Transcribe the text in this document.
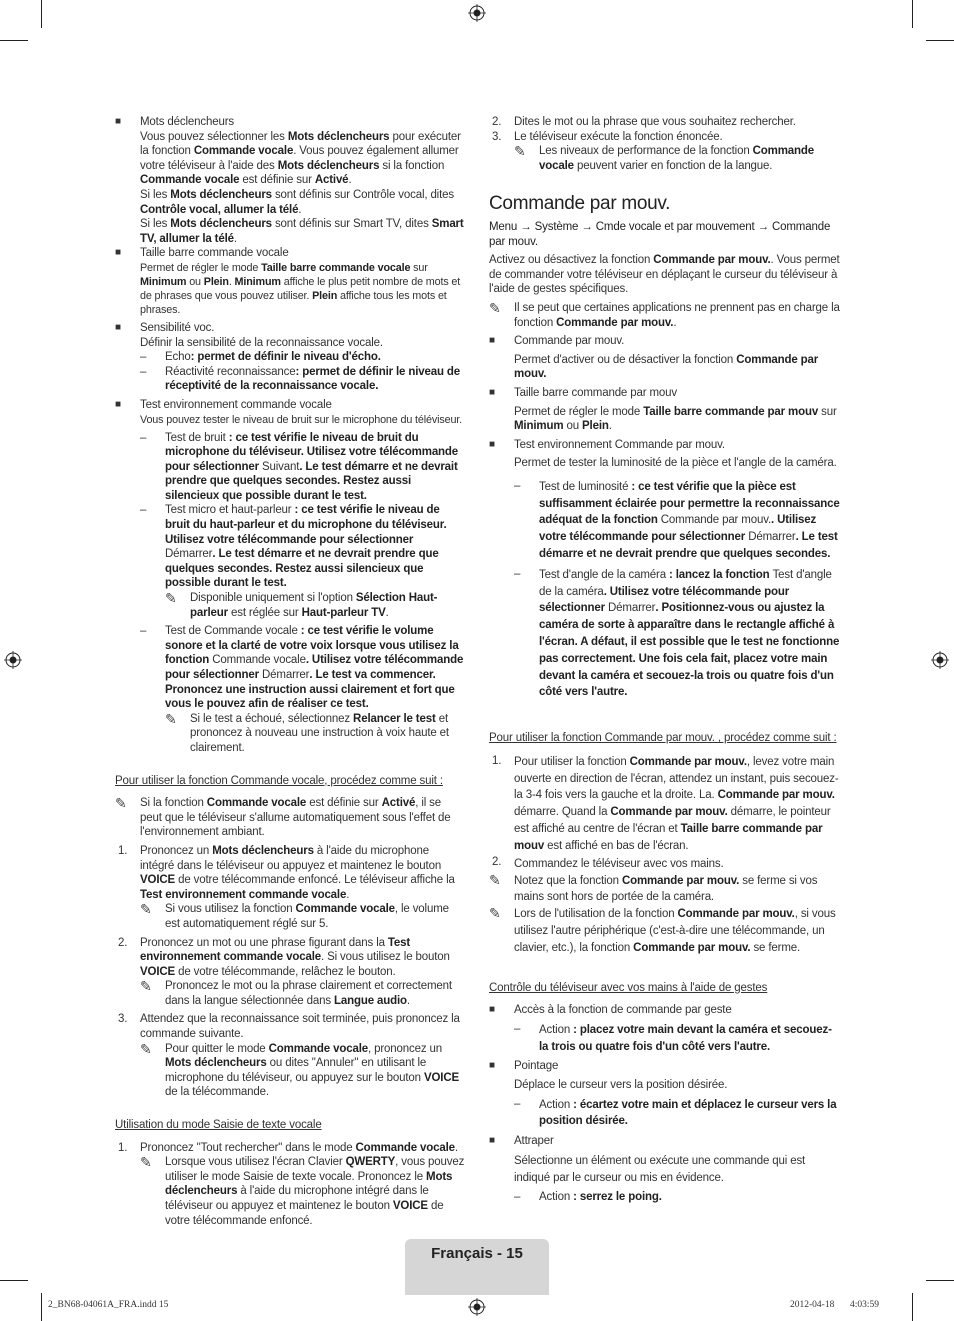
■ Mots déclencheurs

Vous pouvez sélectionner les Mots déclencheurs pour exécuter la fonction Commande vocale. Vous pouvez également allumer votre téléviseur à l'aide des Mots déclencheurs si la fonction Commande vocale est définie sur Activé.

Si les Mots déclencheurs sont définis sur Contrôle vocal, dites Contrôle vocal, allumer la télé.

Si les Mots déclencheurs sont définis sur Smart TV, dites Smart TV, allumer la télé.

■ Taille barre commande vocale

Permet de régler le mode Taille barre commande vocale sur Minimum ou Plein. Minimum affiche le plus petit nombre de mots et de phrases que vous pouvez utiliser. Plein affiche tous les mots et phrases.

■ Sensibilité voc.

Définir la sensibilité de la reconnaissance vocale.

– Echo: permet de définir le niveau d'écho.

– Réactivité reconnaissance: permet de définir le niveau de réceptivité de la reconnaissance vocale.

■ Test environnement commande vocale

Vous pouvez tester le niveau de bruit sur le microphone du téléviseur.

– Test de bruit : ce test vérifie le niveau de bruit du microphone du téléviseur. Utilisez votre télécommande pour sélectionner Suivant. Le test démarre et ne devrait prendre que quelques secondes. Restez aussi silencieux que possible durant le test.

– Test micro et haut-parleur : ce test vérifie le niveau de bruit du haut-parleur et du microphone du téléviseur. Utilisez votre télécommande pour sélectionner Démarrer. Le test démarre et ne devrait prendre que quelques secondes. Restez aussi silencieux que possible durant le test.

✎ Disponible uniquement si l'option Sélection Haut-parleur est réglée sur Haut-parleur TV.

– Test de Commande vocale : ce test vérifie le volume sonore et la clarté de votre voix lorsque vous utilisez la fonction Commande vocale. Utilisez votre télécommande pour sélectionner Démarrer. Le test va commencer. Prononcez une instruction aussi clairement et fort que vous le pouvez afin de réaliser ce test.

✎ Si le test a échoué, sélectionnez Relancer le test et prononcez à nouveau une instruction à voix haute et clairement.

Pour utiliser la fonction Commande vocale, procédez comme suit :

✎ Si la fonction Commande vocale est définie sur Activé, il se peut que le téléviseur s'allume automatiquement sous l'effet de l'environnement ambiant.

1. Prononcez un Mots déclencheurs à l'aide du microphone intégré dans le téléviseur ou appuyez et maintenez le bouton VOICE de votre télécommande enfoncé. Le téléviseur affiche la Test environnement commande vocale.

✎ Si vous utilisez la fonction Commande vocale, le volume est automatiquement réglé sur 5.

2. Prononcez un mot ou une phrase figurant dans la Test environnement commande vocale. Si vous utilisez le bouton VOICE de votre télécommande, relâchez le bouton.

✎ Prononcez le mot ou la phrase clairement et correctement dans la langue sélectionnée dans Langue audio.

3. Attendez que la reconnaissance soit terminée, puis prononcez la commande suivante.

✎ Pour quitter le mode Commande vocale, prononcez un Mots déclencheurs ou dites "Annuler" en utilisant le microphone du téléviseur, ou appuyez sur le bouton VOICE de la télécommande.

Utilisation du mode Saisie de texte vocale

1. Prononcez "Tout rechercher" dans le mode Commande vocale.

✎ Lorsque vous utilisez l'écran Clavier QWERTY, vous pouvez utiliser le mode Saisie de texte vocale. Prononcez le Mots déclencheurs à l'aide du microphone intégré dans le téléviseur ou appuyez et maintenez le bouton VOICE de votre télécommande enfoncé.

2. Dites le mot ou la phrase que vous souhaitez rechercher.

3. Le téléviseur exécute la fonction énoncée.

✎ Les niveaux de performance de la fonction Commande vocale peuvent varier en fonction de la langue.

Commande par mouv.

Menu → Système → Cmde vocale et par mouvement → Commande par mouv.

Activez ou désactivez la fonction Commande par mouv.. Vous permet de commander votre téléviseur en déplaçant le curseur du téléviseur à l'aide de gestes spécifiques.

✎ Il se peut que certaines applications ne prennent pas en charge la fonction Commande par mouv..

■ Commande par mouv.

Permet d'activer ou de désactiver la fonction Commande par mouv.

■ Taille barre commande par mouv

Permet de régler le mode Taille barre commande par mouv sur Minimum ou Plein.

■ Test environnement Commande par mouv.

Permet de tester la luminosité de la pièce et l'angle de la caméra.

– Test de luminosité : ce test vérifie que la pièce est suffisamment éclairée pour permettre la reconnaissance adéquat de la fonction Commande par mouv.. Utilisez votre télécommande pour sélectionner Démarrer. Le test démarre et ne devrait prendre que quelques secondes.

– Test d'angle de la caméra : lancez la fonction Test d'angle de la caméra. Utilisez votre télécommande pour sélectionner Démarrer. Positionnez-vous ou ajustez la caméra de sorte à apparaître dans le rectangle affiché à l'écran. A défaut, il est possible que le test ne fonctionne pas correctement. Une fois cela fait, placez votre main devant la caméra et secouez-la trois ou quatre fois d'un côté vers l'autre.

Pour utiliser la fonction Commande par mouv. , procédez comme suit :

1. Pour utiliser la fonction Commande par mouv., levez votre main ouverte en direction de l'écran, attendez un instant, puis secouez-la 3-4 fois vers la gauche et la droite. La. Commande par mouv. démarre. Quand la Commande par mouv. démarre, le pointeur est affiché au centre de l'écran et Taille barre commande par mouv est affiché en bas de l'écran.

2. Commandez le téléviseur avec vos mains.

✎ Notez que la fonction Commande par mouv. se ferme si vos mains sont hors de portée de la caméra.

✎ Lors de l'utilisation de la fonction Commande par mouv., si vous utilisez l'autre périphérique (c'est-à-dire une télécommande, un clavier, etc.), la fonction Commande par mouv. se ferme.

Contrôle du téléviseur avec vos mains à l'aide de gestes

■ Accès à la fonction de commande par geste

– Action : placez votre main devant la caméra et secouez-la trois ou quatre fois d'un côté vers l'autre.

■ Pointage

Déplace le curseur vers la position désirée.

– Action : écartez votre main et déplacez le curseur vers la position désirée.

■ Attraper

Sélectionne un élément ou exécute une commande qui est indiqué par le curseur ou mis en évidence.

– Action : serrez le poing.

Français - 15
2_BN68-04061A_FRA.indd 15	2012-04-18 4:03:59
